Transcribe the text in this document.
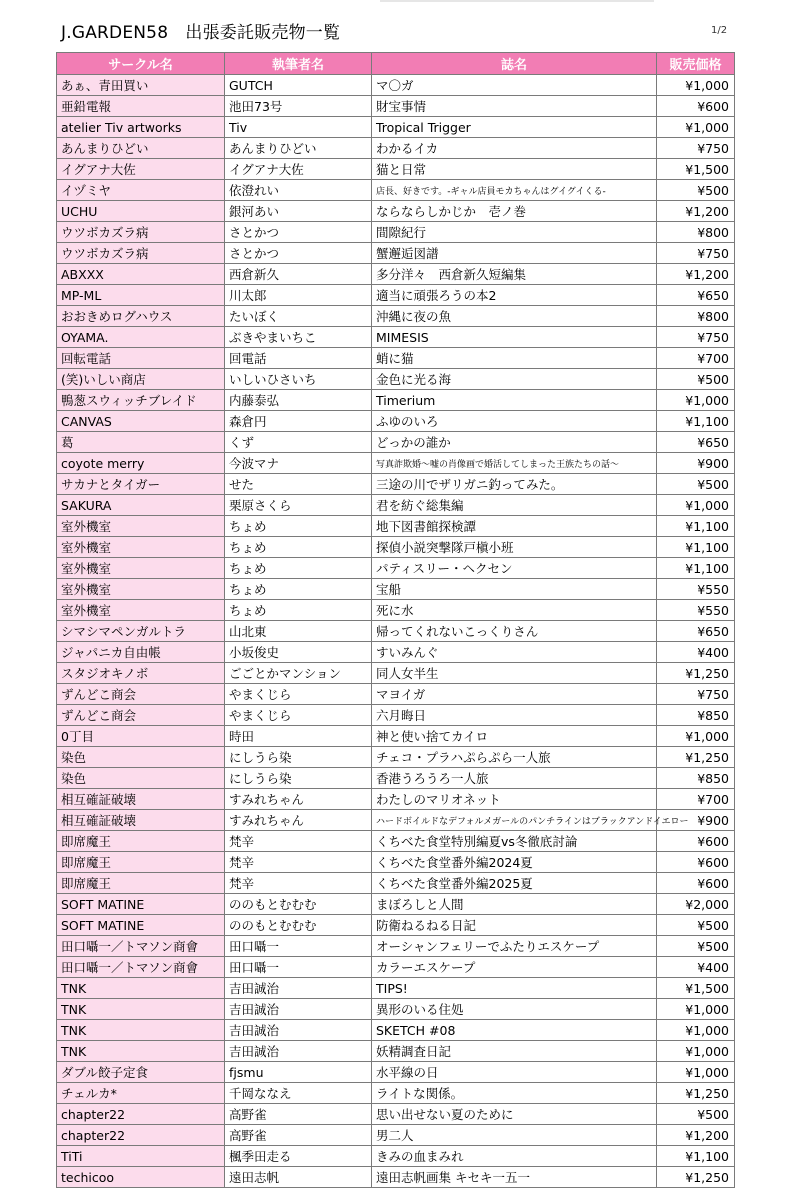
J.GARDEN58　出張委託販売物一覧	1/2
サークル名	執筆者名	誌名	販売価格
あぁ、青田買い	GUTCH	マ〇ガ	¥1,000
亜鉛電報	池田73号	財宝事情	¥600
atelier Tiv artworks	Tiv	Tropical Trigger	¥1,000
あんまりひどい	あんまりひどい	わかるイカ	¥750
イグアナ大佐	イグアナ大佐	猫と日常	¥1,500
イヅミヤ	依澄れい	店長、好きです。-ギャル店員モカちゃんはグイグイくる-	¥500
UCHU	銀河あい	ならならしかじか　壱ノ巻	¥1,200
ウツボカズラ病	さとかつ	間隙紀行	¥800
ウツボカズラ病	さとかつ	蟹邂逅図譜	¥750
ABXXX	西倉新久	多分洋々　西倉新久短編集	¥1,200
MP-ML	川太郎	適当に頑張ろうの本2	¥650
おおきめログハウス	たいぼく	沖縄に夜の魚	¥800
OYAMA.	ぶきやまいちこ	MIMESIS	¥750
回転電話	回電話	蛸に猫	¥700
(笑)いしい商店	いしいひさいち	金色に光る海	¥500
鴨葱スウィッチブレイド	内藤泰弘	Timerium	¥1,000
CANVAS	森倉円	ふゆのいろ	¥1,100
葛	くず	どっかの誰か	¥650
coyote merry	今波マナ	写真詐欺婚～嘘の肖像画で婚活してしまった王族たちの話～	¥900
サカナとタイガー	せた	三途の川でザリガニ釣ってみた。	¥500
SAKURA	栗原さくら	君を紡ぐ総集編	¥1,000
室外機室	ちょめ	地下図書館探検譚	¥1,100
室外機室	ちょめ	探偵小説突撃隊戸槇小班	¥1,100
室外機室	ちょめ	パティスリー・ヘクセン	¥1,100
室外機室	ちょめ	宝船	¥550
室外機室	ちょめ	死に水	¥550
シマシマペンガルトラ	山北東	帰ってくれないこっくりさん	¥650
ジャパニカ自由帳	小坂俊史	すいみんぐ	¥400
スタジオキノボ	ごごとかマンション	同人女半生	¥1,250
ずんどこ商会	やまくじら	マヨイガ	¥750
ずんどこ商会	やまくじら	六月晦日	¥850
0丁目	時田	神と使い捨てカイロ	¥1,000
染色	にしうら染	チェコ・プラハぷらぷら一人旅	¥1,250
染色	にしうら染	香港うろうろ一人旅	¥850
相互確証破壊	すみれちゃん	わたしのマリオネット	¥700
相互確証破壊	すみれちゃん	ハードボイルドなデフォルメガールのパンチラインはブラックアンドイエロー	¥900
即席魔王	梵辛	くちべた食堂特別編夏vs冬徹底討論	¥600
即席魔王	梵辛	くちべた食堂番外編2024夏	¥600
即席魔王	梵辛	くちべた食堂番外編2025夏	¥600
SOFT MATINE	ののもとむむむ	まぼろしと人間	¥2,000
SOFT MATINE	ののもとむむむ	防衛ねるねる日記	¥500
田口囁一／トマソン商會	田口囁一	オーシャンフェリーでふたりエスケープ	¥500
田口囁一／トマソン商會	田口囁一	カラーエスケープ	¥400
TNK	吉田誠治	TIPS!	¥1,500
TNK	吉田誠治	異形のいる住処	¥1,000
TNK	吉田誠治	SKETCH #08	¥1,000
TNK	吉田誠治	妖精調査日記	¥1,000
ダブル餃子定食	fjsmu	水平線の日	¥1,000
チェルカ*	千岡ななえ	ライトな関係。	¥1,250
chapter22	高野雀	思い出せない夏のために	¥500
chapter22	高野雀	男二人	¥1,200
TiTi	楓季田走る	きみの血まみれ	¥1,100
techicoo	遠田志帆	遠田志帆画集 キセキ一五一	¥1,250
